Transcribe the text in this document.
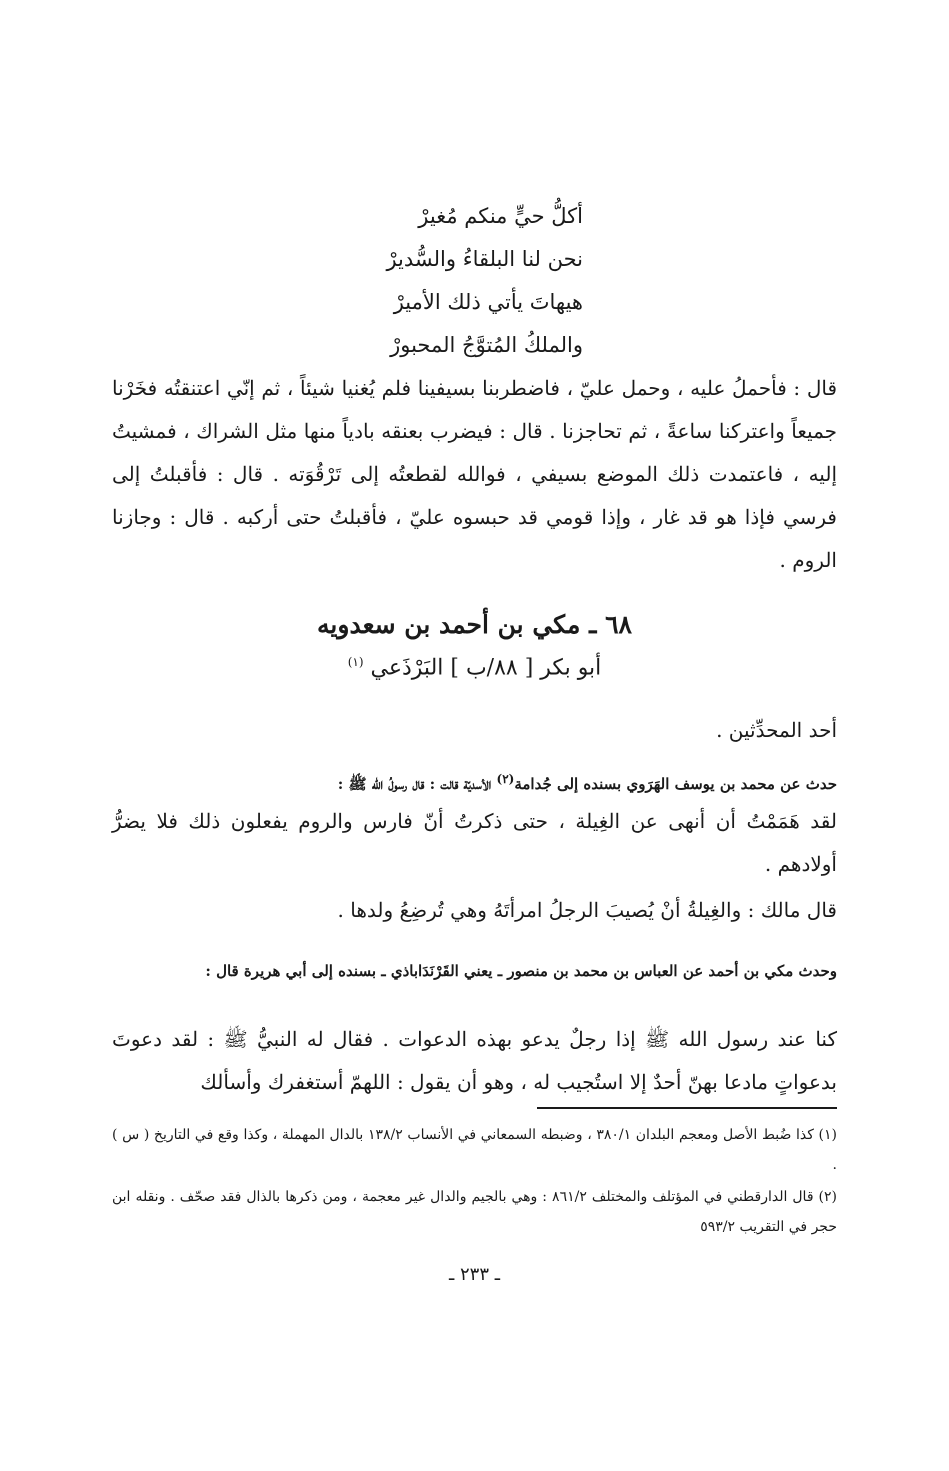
أكلُّ حيٍّ منكم مُغيرْ
نحن لنا البلقاءُ والسُّديرْ
هيهاتَ يأتي ذلك الأميرْ
والملكُ المُتوَّجُ المحبورْ
قال : فأحملُ عليه ، وحمل عليّ ، فاضطربنا بسيفينا فلم يُغنيا شيئاً ، ثم إنّي اعتنقتُه فخَرْنا جميعاً واعتركنا ساعةً ، ثم تحاجزنا . قال : فيضرب بعنقه بادياً منها مثل الشراك ، فمشيتُ إليه ، فاعتمدت ذلك الموضع بسيفي ، فوالله لقطعتُه إلى تَرْقُوَته . قال : فأقبلتُ إلى فرسي فإذا هو قد غار ، وإذا قومي قد حبسوه عليّ ، فأقبلتُ حتى أركبه . قال : وجازنا الروم .
٦٨ ـ مكي بن أحمد بن سعدويه
أبو بكر [ ٨٨/ب ] البَرْذَعي $^{(١)}$
أحد المحدِّثين .
حدث عن محمد بن يوسف الهَرَوي بسنده إلى جُدامة$^{(٢)}$ الأسديّة قالت : قال رسولُ الله ﷺ :
لقد هَمَمْتُ أن أنهى عن الغِيلة ، حتى ذكرتُ أنّ فارس والروم يفعلون ذلك فلا يضرُّ أولادهم .
قال مالك : والغِيلةُ أنْ يُصيبَ الرجلُ امرأتَهُ وهي تُرضِعُ ولدها .
وحدث مكي بن أحمد عن العباس بن محمد بن منصور ـ يعني القَرْنَدَاباذي ـ بسنده إلى أبي هريرة قال :
كنا عند رسول الله ﷺ إذا رجلٌ يدعو بهذه الدعوات . فقال له النبيُّ ﷺ : لقد دعوتَ بدعواتٍ مادعا بهنّ أحدٌ إلا استُجيب له ، وهو أن يقول : اللهمّ أستغفرك وأسألك
(١) كذا ضُبط الأصل ومعجم البلدان ٣٨٠/١ ، وضبطه السمعاني في الأنساب ١٣٨/٢ بالدال المهملة ، وكذا وقع في التاريخ ( س ) .
(٢) قال الدارقطني في المؤتلف والمختلف ٨٦١/٢ : وهي بالجيم والدال غير معجمة ، ومن ذكرها بالذال فقد صحّف . ونقله ابن حجر في التقريب ٥٩٣/٢
ـ ٢٣٣ ـ
